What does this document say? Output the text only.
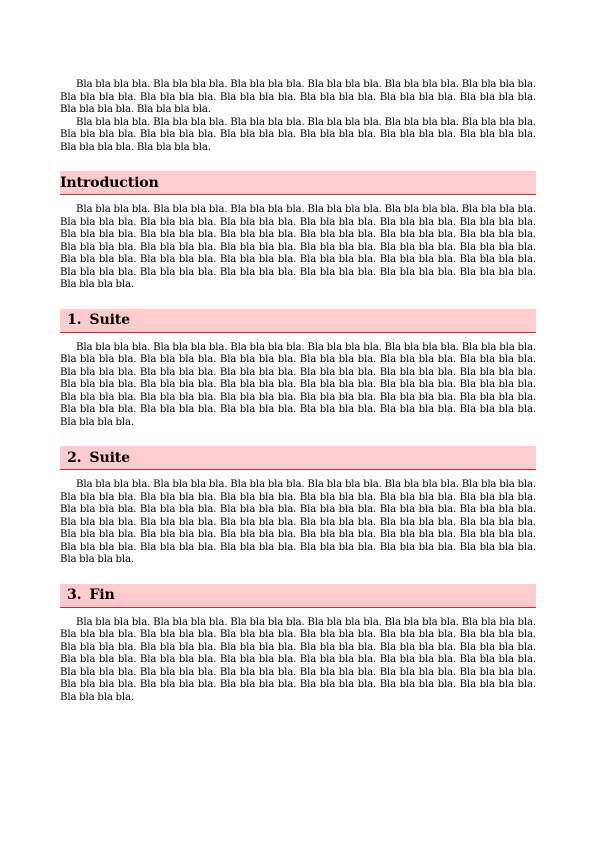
Bla bla bla bla. Bla bla bla bla. Bla bla bla bla. Bla bla bla bla. Bla bla bla bla. Bla bla bla bla. Bla bla bla bla. Bla bla bla bla. Bla bla bla bla. Bla bla bla bla. Bla bla bla bla. Bla bla bla bla. Bla bla bla bla. Bla bla bla bla.

Bla bla bla bla. Bla bla bla bla. Bla bla bla bla. Bla bla bla bla. Bla bla bla bla. Bla bla bla bla. Bla bla bla bla. Bla bla bla bla. Bla bla bla bla. Bla bla bla bla. Bla bla bla bla. Bla bla bla bla. Bla bla bla bla. Bla bla bla bla.

Introduction

Bla bla bla bla. Bla bla bla bla. Bla bla bla bla. Bla bla bla bla. Bla bla bla bla. Bla bla bla bla. Bla bla bla bla. Bla bla bla bla. Bla bla bla bla. Bla bla bla bla. Bla bla bla bla. Bla bla bla bla. Bla bla bla bla. Bla bla bla bla. Bla bla bla bla. Bla bla bla bla. Bla bla bla bla. Bla bla bla bla. Bla bla bla bla. Bla bla bla bla. Bla bla bla bla. Bla bla bla bla. Bla bla bla bla. Bla bla bla bla. Bla bla bla bla. Bla bla bla bla. Bla bla bla bla. Bla bla bla bla. Bla bla bla bla. Bla bla bla bla. Bla bla bla bla. Bla bla bla bla. Bla bla bla bla. Bla bla bla bla. Bla bla bla bla. Bla bla bla bla. Bla bla bla bla.

1. Suite

Bla bla bla bla. Bla bla bla bla. Bla bla bla bla. Bla bla bla bla. Bla bla bla bla. Bla bla bla bla. Bla bla bla bla. Bla bla bla bla. Bla bla bla bla. Bla bla bla bla. Bla bla bla bla. Bla bla bla bla. Bla bla bla bla. Bla bla bla bla. Bla bla bla bla. Bla bla bla bla. Bla bla bla bla. Bla bla bla bla. Bla bla bla bla. Bla bla bla bla. Bla bla bla bla. Bla bla bla bla. Bla bla bla bla. Bla bla bla bla. Bla bla bla bla. Bla bla bla bla. Bla bla bla bla. Bla bla bla bla. Bla bla bla bla. Bla bla bla bla. Bla bla bla bla. Bla bla bla bla. Bla bla bla bla. Bla bla bla bla. Bla bla bla bla. Bla bla bla bla. Bla bla bla bla.

2. Suite

Bla bla bla bla. Bla bla bla bla. Bla bla bla bla. Bla bla bla bla. Bla bla bla bla. Bla bla bla bla. Bla bla bla bla. Bla bla bla bla. Bla bla bla bla. Bla bla bla bla. Bla bla bla bla. Bla bla bla bla. Bla bla bla bla. Bla bla bla bla. Bla bla bla bla. Bla bla bla bla. Bla bla bla bla. Bla bla bla bla. Bla bla bla bla. Bla bla bla bla. Bla bla bla bla. Bla bla bla bla. Bla bla bla bla. Bla bla bla bla. Bla bla bla bla. Bla bla bla bla. Bla bla bla bla. Bla bla bla bla. Bla bla bla bla. Bla bla bla bla. Bla bla bla bla. Bla bla bla bla. Bla bla bla bla. Bla bla bla bla. Bla bla bla bla. Bla bla bla bla. Bla bla bla bla.

3. Fin

Bla bla bla bla. Bla bla bla bla. Bla bla bla bla. Bla bla bla bla. Bla bla bla bla. Bla bla bla bla. Bla bla bla bla. Bla bla bla bla. Bla bla bla bla. Bla bla bla bla. Bla bla bla bla. Bla bla bla bla. Bla bla bla bla. Bla bla bla bla. Bla bla bla bla. Bla bla bla bla. Bla bla bla bla. Bla bla bla bla. Bla bla bla bla. Bla bla bla bla. Bla bla bla bla. Bla bla bla bla. Bla bla bla bla. Bla bla bla bla. Bla bla bla bla. Bla bla bla bla. Bla bla bla bla. Bla bla bla bla. Bla bla bla bla. Bla bla bla bla. Bla bla bla bla. Bla bla bla bla. Bla bla bla bla. Bla bla bla bla. Bla bla bla bla. Bla bla bla bla. Bla bla bla bla.
